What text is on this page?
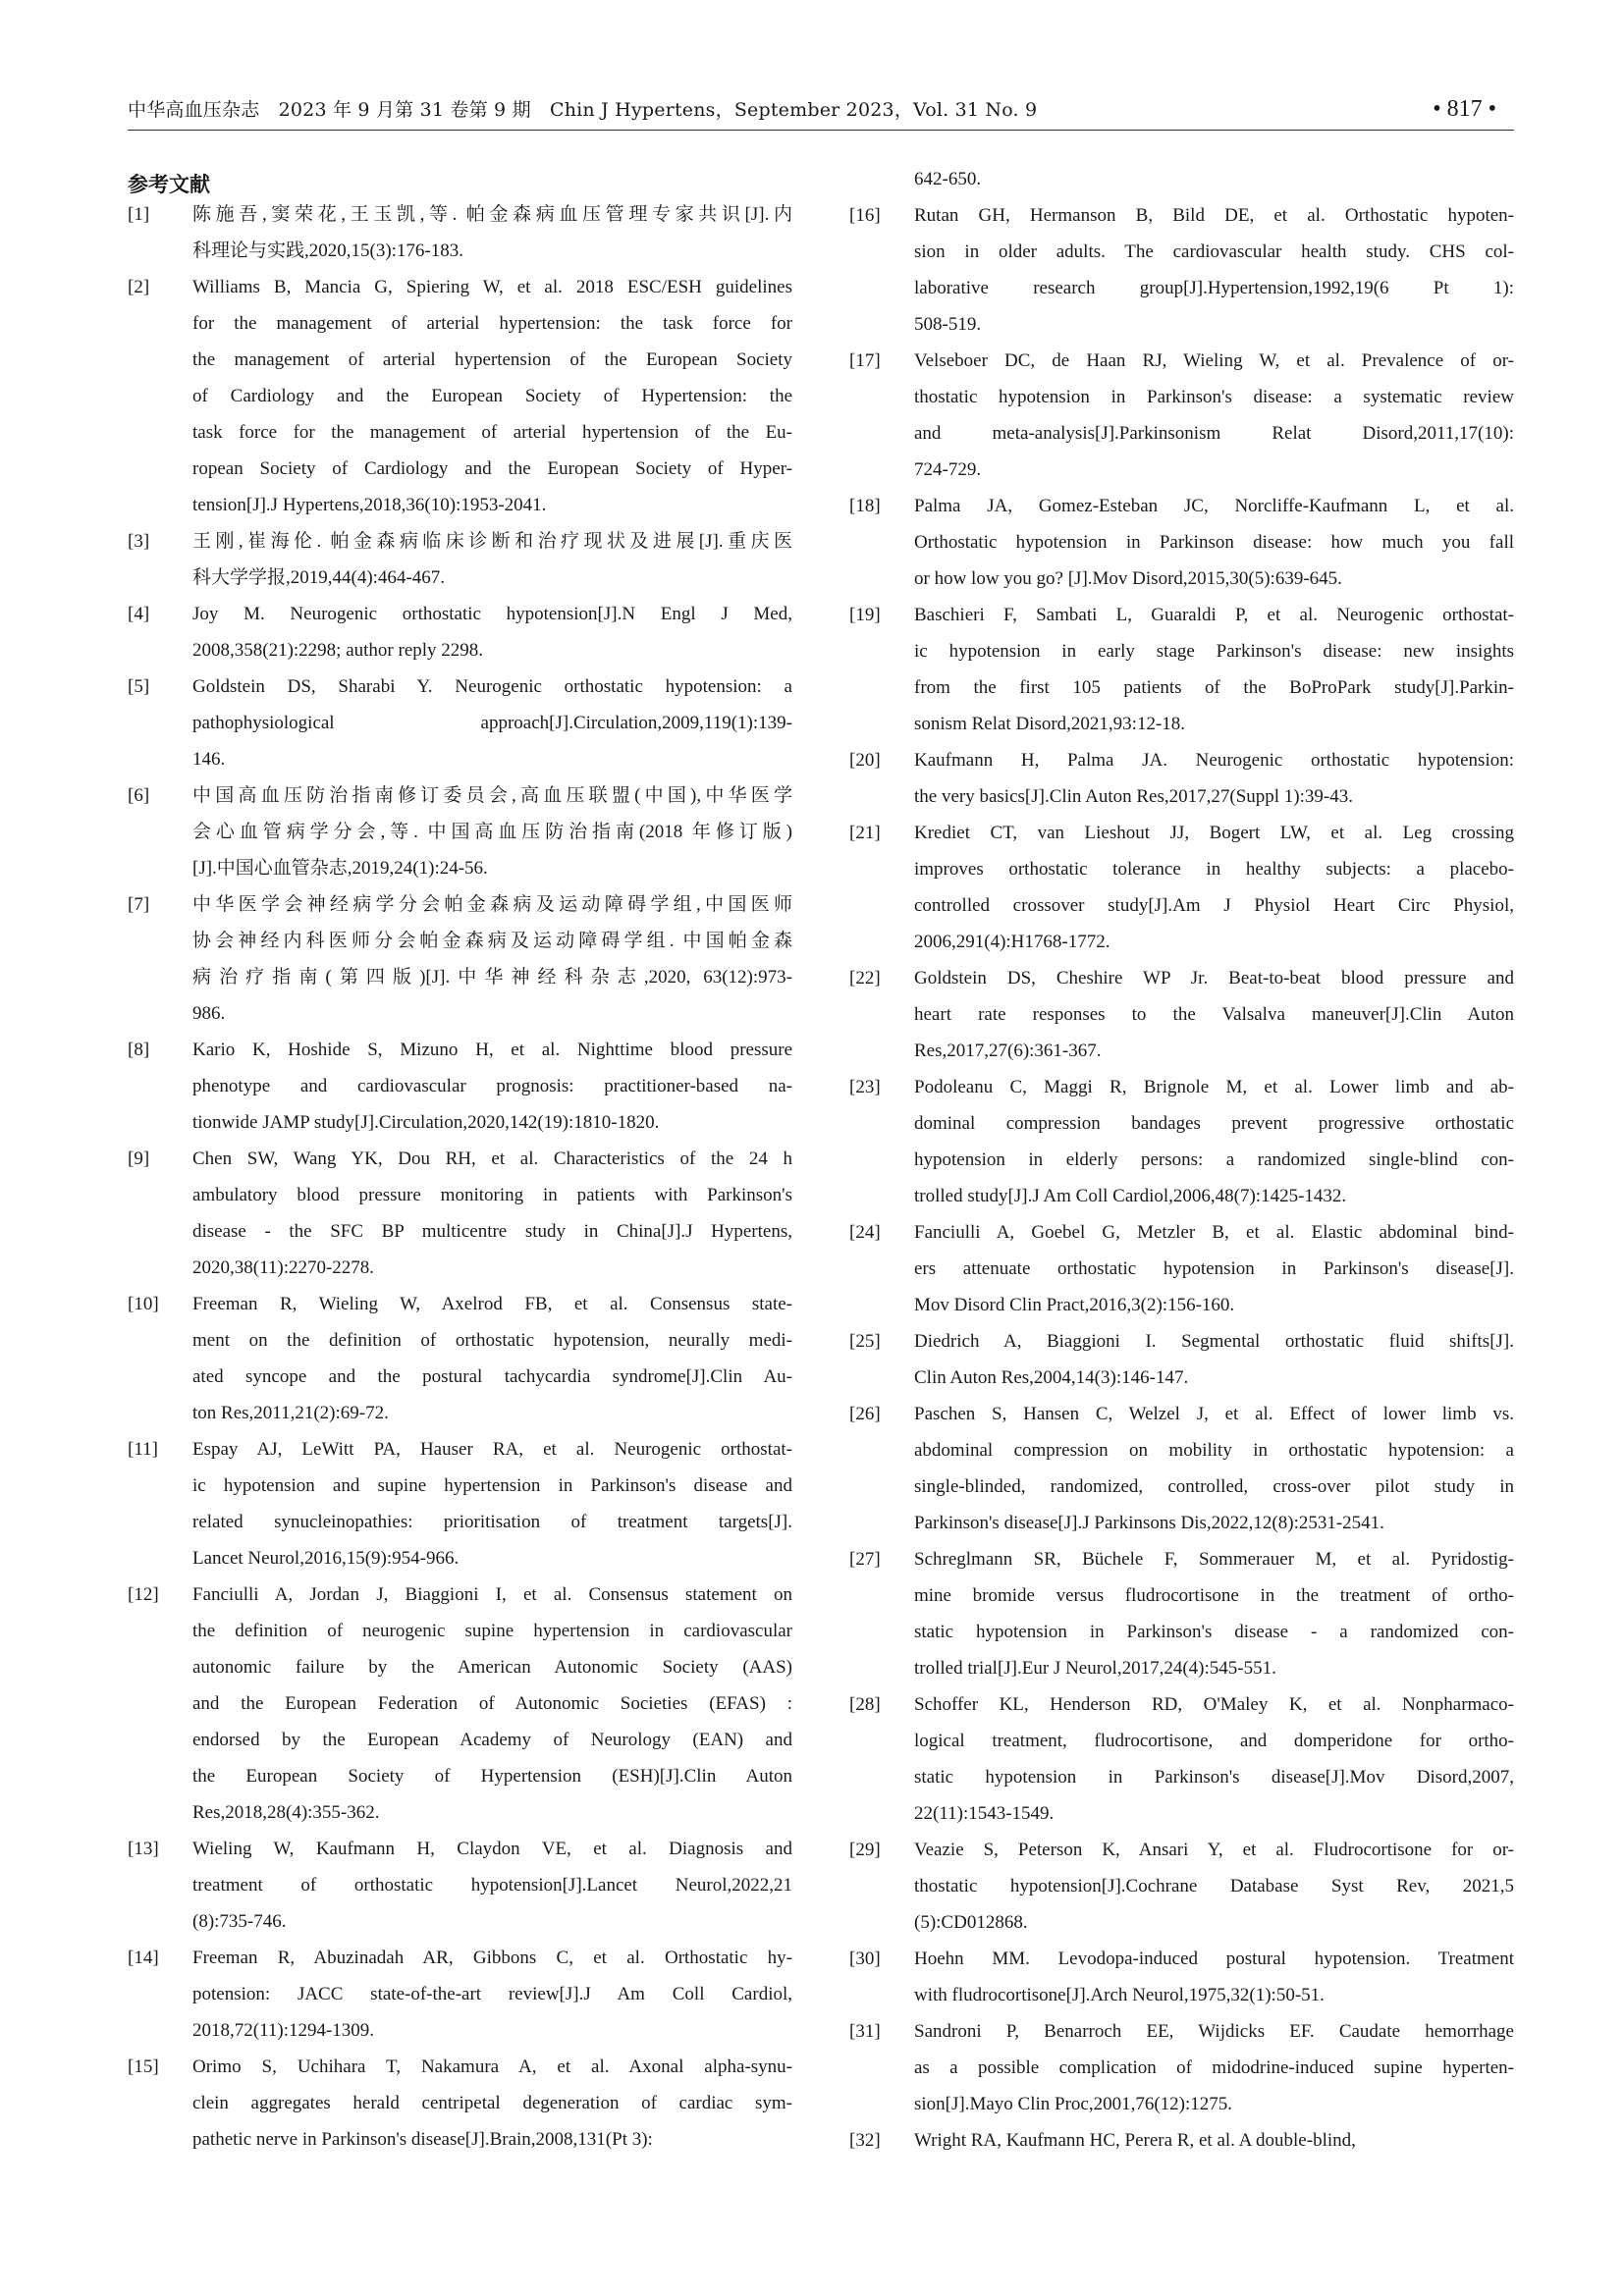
中华高血压杂志　2023 年 9 月第 31 卷第 9 期　Chin J Hypertens，September 2023，Vol. 31 No. 9	• 817 •
参考文献
[1] 陈施吾,窦荣花,王玉凯,等. 帕金森病血压管理专家共识[J].内
科理论与实践,2020,15(3):176-183.
[2] Williams B, Mancia G, Spiering W, et al. 2018 ESC/ESH guidelines
for the management of arterial hypertension: the task force for
the management of arterial hypertension of the European Society
of Cardiology and the European Society of Hypertension: the
task force for the management of arterial hypertension of the Eu-
ropean Society of Cardiology and the European Society of Hyper-
tension[J].J Hypertens,2018,36(10):1953-2041.
[3] 王刚,崔海伦. 帕金森病临床诊断和治疗现状及进展[J].重庆医
科大学学报,2019,44(4):464-467.
[4] Joy M. Neurogenic orthostatic hypotension[J].N Engl J Med,
2008,358(21):2298; author reply 2298.
[5] Goldstein DS, Sharabi Y. Neurogenic orthostatic hypotension: a
pathophysiological approach[J].Circulation,2009,119(1):139-
146.
[6] 中国高血压防治指南修订委员会,高血压联盟(中国),中华医学
会心血管病学分会,等. 中国高血压防治指南(2018 年修订版)
[J].中国心血管杂志,2019,24(1):24-56.
[7] 中华医学会神经病学分会帕金森病及运动障碍学组,中国医师
协会神经内科医师分会帕金森病及运动障碍学组. 中国帕金森
病治疗指南(第四版)[J].中华神经科杂志,2020, 63(12):973-
986.
[8] Kario K, Hoshide S, Mizuno H, et al. Nighttime blood pressure
phenotype and cardiovascular prognosis: practitioner-based na-
tionwide JAMP study[J].Circulation,2020,142(19):1810-1820.
[9] Chen SW, Wang YK, Dou RH, et al. Characteristics of the 24 h
ambulatory blood pressure monitoring in patients with Parkinson's
disease - the SFC BP multicentre study in China[J].J Hypertens,
2020,38(11):2270-2278.
[10] Freeman R, Wieling W, Axelrod FB, et al. Consensus state-
ment on the definition of orthostatic hypotension, neurally medi-
ated syncope and the postural tachycardia syndrome[J].Clin Au-
ton Res,2011,21(2):69-72.
[11] Espay AJ, LeWitt PA, Hauser RA, et al. Neurogenic orthostat-
ic hypotension and supine hypertension in Parkinson's disease and
related synucleinopathies: prioritisation of treatment targets[J].
Lancet Neurol,2016,15(9):954-966.
[12] Fanciulli A, Jordan J, Biaggioni I, et al. Consensus statement on
the definition of neurogenic supine hypertension in cardiovascular
autonomic failure by the American Autonomic Society (AAS)
and the European Federation of Autonomic Societies (EFAS) :
endorsed by the European Academy of Neurology (EAN) and
the European Society of Hypertension (ESH)[J].Clin Auton
Res,2018,28(4):355-362.
[13] Wieling W, Kaufmann H, Claydon VE, et al. Diagnosis and
treatment of orthostatic hypotension[J].Lancet Neurol,2022,21
(8):735-746.
[14] Freeman R, Abuzinadah AR, Gibbons C, et al. Orthostatic hy-
potension: JACC state-of-the-art review[J].J Am Coll Cardiol,
2018,72(11):1294-1309.
[15] Orimo S, Uchihara T, Nakamura A, et al. Axonal alpha-synu-
clein aggregates herald centripetal degeneration of cardiac sym-
pathetic nerve in Parkinson's disease[J].Brain,2008,131(Pt 3):
642-650.
[16] Rutan GH, Hermanson B, Bild DE, et al. Orthostatic hypoten-
sion in older adults. The cardiovascular health study. CHS col-
laborative research group[J].Hypertension,1992,19(6 Pt 1):
508-519.
[17] Velseboer DC, de Haan RJ, Wieling W, et al. Prevalence of or-
thostatic hypotension in Parkinson's disease: a systematic review
and meta-analysis[J].Parkinsonism Relat Disord,2011,17(10):
724-729.
[18] Palma JA, Gomez-Esteban JC, Norcliffe-Kaufmann L, et al.
Orthostatic hypotension in Parkinson disease: how much you fall
or how low you go? [J].Mov Disord,2015,30(5):639-645.
[19] Baschieri F, Sambati L, Guaraldi P, et al. Neurogenic orthostat-
ic hypotension in early stage Parkinson's disease: new insights
from the first 105 patients of the BoProPark study[J].Parkin-
sonism Relat Disord,2021,93:12-18.
[20] Kaufmann H, Palma JA. Neurogenic orthostatic hypotension:
the very basics[J].Clin Auton Res,2017,27(Suppl 1):39-43.
[21] Krediet CT, van Lieshout JJ, Bogert LW, et al. Leg crossing
improves orthostatic tolerance in healthy subjects: a placebo-
controlled crossover study[J].Am J Physiol Heart Circ Physiol,
2006,291(4):H1768-1772.
[22] Goldstein DS, Cheshire WP Jr. Beat-to-beat blood pressure and
heart rate responses to the Valsalva maneuver[J].Clin Auton
Res,2017,27(6):361-367.
[23] Podoleanu C, Maggi R, Brignole M, et al. Lower limb and ab-
dominal compression bandages prevent progressive orthostatic
hypotension in elderly persons: a randomized single-blind con-
trolled study[J].J Am Coll Cardiol,2006,48(7):1425-1432.
[24] Fanciulli A, Goebel G, Metzler B, et al. Elastic abdominal bind-
ers attenuate orthostatic hypotension in Parkinson's disease[J].
Mov Disord Clin Pract,2016,3(2):156-160.
[25] Diedrich A, Biaggioni I. Segmental orthostatic fluid shifts[J].
Clin Auton Res,2004,14(3):146-147.
[26] Paschen S, Hansen C, Welzel J, et al. Effect of lower limb vs.
abdominal compression on mobility in orthostatic hypotension: a
single-blinded, randomized, controlled, cross-over pilot study in
Parkinson's disease[J].J Parkinsons Dis,2022,12(8):2531-2541.
[27] Schreglmann SR, Büchele F, Sommerauer M, et al. Pyridostig-
mine bromide versus fludrocortisone in the treatment of ortho-
static hypotension in Parkinson's disease - a randomized con-
trolled trial[J].Eur J Neurol,2017,24(4):545-551.
[28] Schoffer KL, Henderson RD, O'Maley K, et al. Nonpharmaco-
logical treatment, fludrocortisone, and domperidone for ortho-
static hypotension in Parkinson's disease[J].Mov Disord,2007,
22(11):1543-1549.
[29] Veazie S, Peterson K, Ansari Y, et al. Fludrocortisone for or-
thostatic hypotension[J].Cochrane Database Syst Rev, 2021,5
(5):CD012868.
[30] Hoehn MM. Levodopa-induced postural hypotension. Treatment
with fludrocortisone[J].Arch Neurol,1975,32(1):50-51.
[31] Sandroni P, Benarroch EE, Wijdicks EF. Caudate hemorrhage
as a possible complication of midodrine-induced supine hyperten-
sion[J].Mayo Clin Proc,2001,76(12):1275.
[32] Wright RA, Kaufmann HC, Perera R, et al. A double-blind,
